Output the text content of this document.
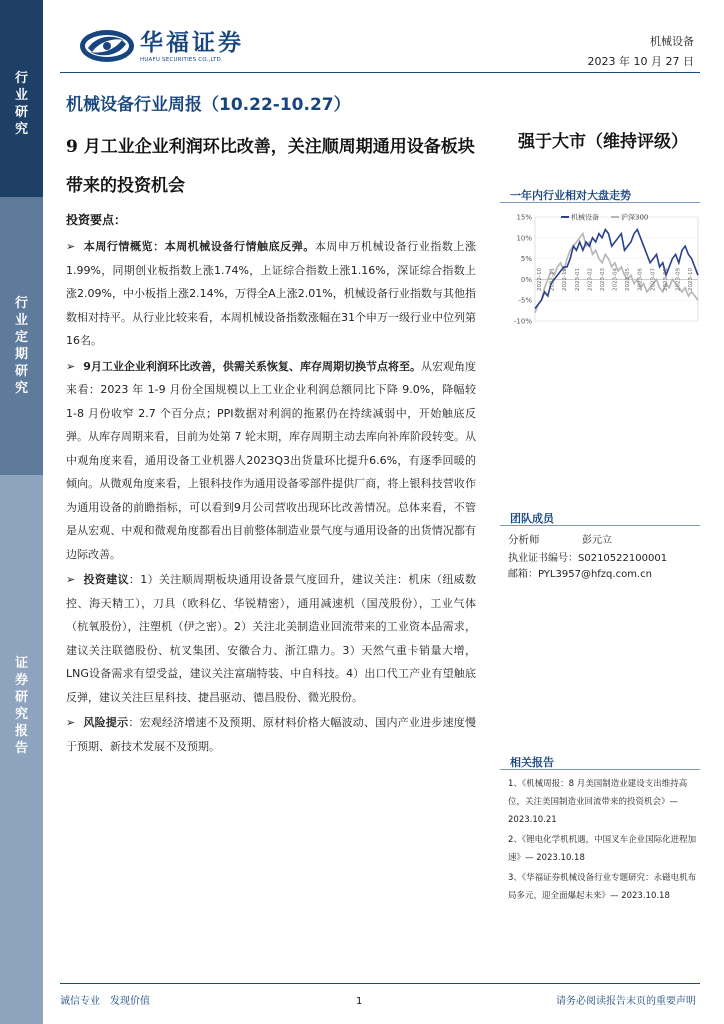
行业研究
行业定期研究
证券研究报告
华福证券
HUAFU SECURITIES CO.,LTD.
机械设备
2023 年 10 月 27 日
机械设备行业周报（10.22-10.27）
9 月工业企业利润环比改善，关注顺周期通用设备板块带来的投资机会
强于大市（维持评级）
一年内行业相对大盘走势
15%
10%
5%
0%
-5%
-10%
机械设备	沪深300
2022-10 2022-11 2022-12 2023-01 2023-02 2023-03 2023-04 2023-05 2023-06 2023-07 2023-08 2023-09 2023-10
投资要点：

➢ 本周行情概览：本周机械设备行情触底反弹。本周申万机械设备行业指数上涨1.99%，同期创业板指数上涨1.74%，上证综合指数上涨1.16%，深证综合指数上涨2.09%，中小板指上涨2.14%，万得全A上涨2.01%，机械设备行业指数与其他指数相对持平。从行业比较来看，本周机械设备指数涨幅在31个申万一级行业中位列第16名。

➢ 9月工业企业利润环比改善，供需关系恢复、库存周期切换节点将至。从宏观角度来看：2023 年 1-9 月份全国规模以上工业企业利润总额同比下降 9.0%，降幅较 1-8 月份收窄 2.7 个百分点；PPI数据对利润的拖累仍在持续减弱中，开始触底反弹。从库存周期来看，目前为处第 7 轮末期，库存周期主动去库向补库阶段转变。从中观角度来看，通用设备工业机器人2023Q3出货量环比提升6.6%，有逐季回暖的倾向。从微观角度来看，上银科技作为通用设备零部件提供厂商，将上银科技营收作为通用设备的前瞻指标，可以看到9月公司营收出现环比改善情况。总体来看，不管是从宏观、中观和微观角度都看出目前整体制造业景气度与通用设备的出货情况都有边际改善。

➢ 投资建议：1）关注顺周期板块通用设备景气度回升，建议关注：机床（纽威数控、海天精工），刀具（欧科亿、华锐精密），通用减速机（国茂股份），工业气体（杭氧股份），注塑机（伊之密）。2）关注北美制造业回流带来的工业资本品需求，建议关注联德股份、杭叉集团、安徽合力、浙江鼎力。3）天然气重卡销量大增，LNG设备需求有望受益，建议关注富瑞特装、中自科技。4）出口代工产业有望触底反弹，建议关注巨星科技、捷昌驱动、德昌股份、微光股份。

➢ 风险提示：宏观经济增速不及预期、原材料价格大幅波动、国内产业进步速度慢于预期、新技术发展不及预期。

团队成员
分析师	彭元立
执业证书编号：S0210522100001
邮箱：PYL3957@hfzq.com.cn
相关报告
1、《机械周报：8 月美国制造业建设支出维持高位，关注美国制造业回流带来的投资机会》— 2023.10.21
2、《锂电化学机机遇，中国叉车企业国际化进程加速》— 2023.10.18
3、《华福证券机械设备行业专题研究：永磁电机布局多元，迎全面爆起未来》— 2023.10.18
诚信专业　发现价值	1	请务必阅读报告末页的重要声明
